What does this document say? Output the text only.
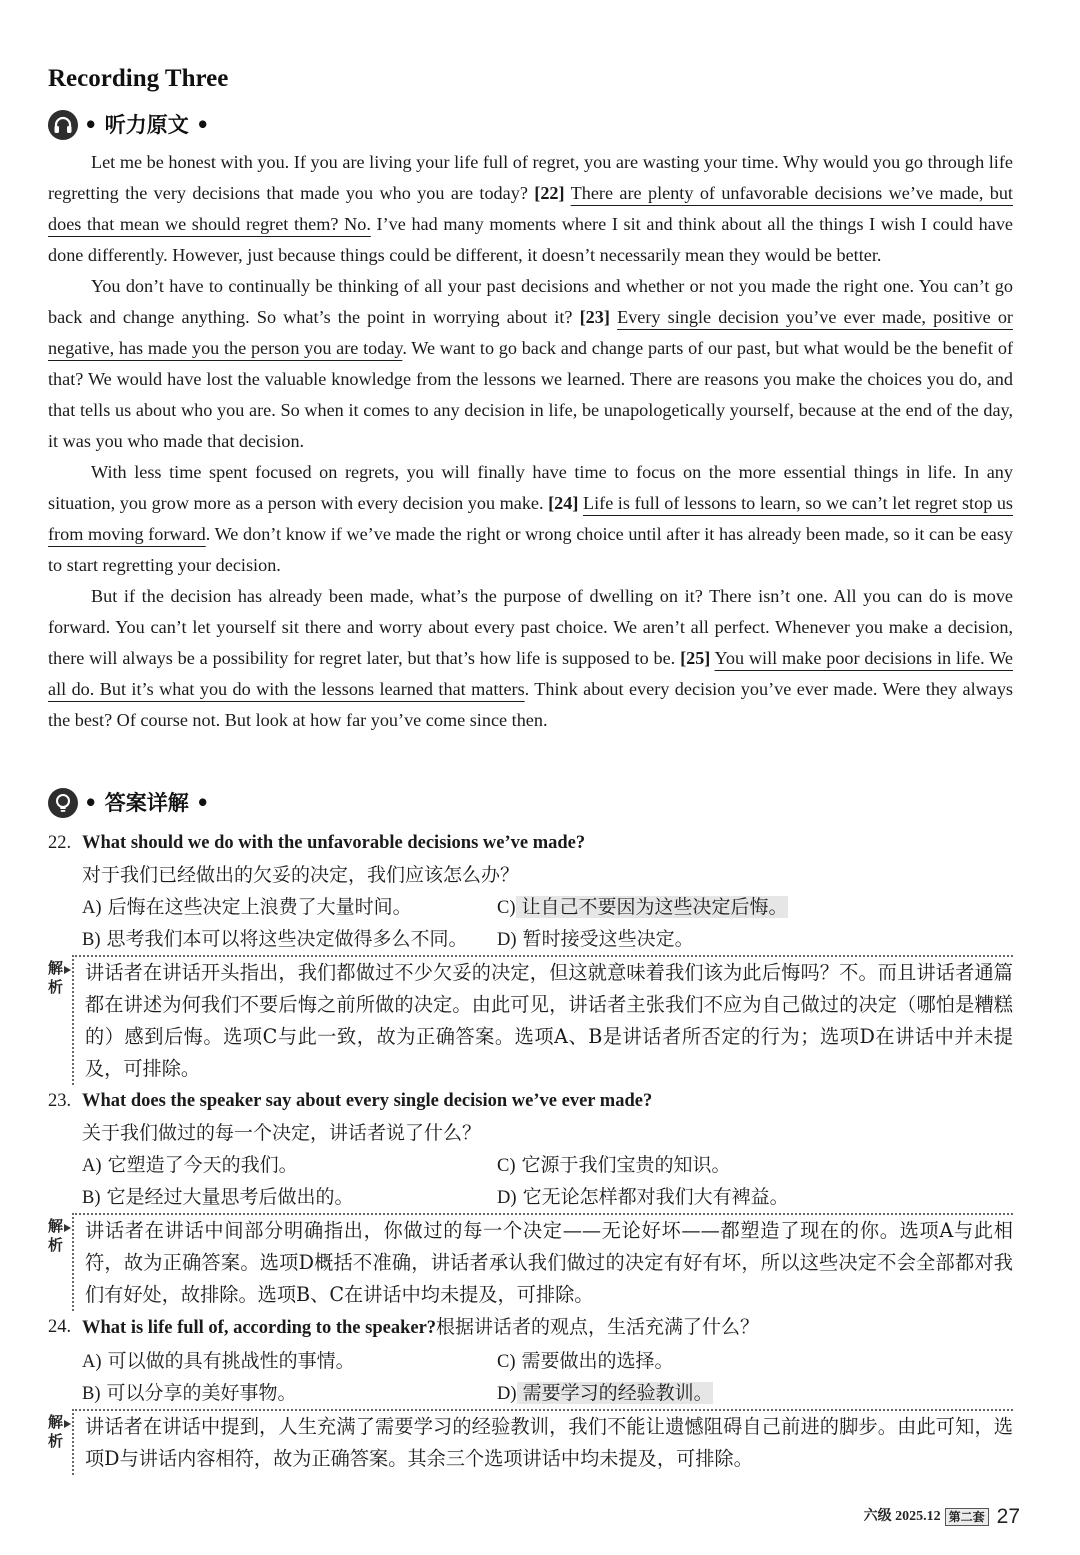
Recording Three
• 听力原文 •

Let me be honest with you. If you are living your life full of regret, you are wasting your time. Why would you go through life regretting the very decisions that made you who you are today? [22] There are plenty of unfavorable decisions we’ve made, but does that mean we should regret them? No. I’ve had many moments where I sit and think about all the things I wish I could have done differently. However, just because things could be different, it doesn’t necessarily mean they would be better.

You don’t have to continually be thinking of all your past decisions and whether or not you made the right one. You can’t go back and change anything. So what’s the point in worrying about it? [23] Every single decision you’ve ever made, positive or negative, has made you the person you are today. We want to go back and change parts of our past, but what would be the benefit of that? We would have lost the valuable knowledge from the lessons we learned. There are reasons you make the choices you do, and that tells us about who you are. So when it comes to any decision in life, be unapologetically yourself, because at the end of the day, it was you who made that decision.

With less time spent focused on regrets, you will finally have time to focus on the more essential things in life. In any situation, you grow more as a person with every decision you make. [24] Life is full of lessons to learn, so we can’t let regret stop us from moving forward. We don’t know if we’ve made the right or wrong choice until after it has already been made, so it can be easy to start regretting your decision.

But if the decision has already been made, what’s the purpose of dwelling on it? There isn’t one. All you can do is move forward. You can’t let yourself sit there and worry about every past choice. We aren’t all perfect. Whenever you make a decision, there will always be a possibility for regret later, but that’s how life is supposed to be. [25] You will make poor decisions in life. We all do. But it’s what you do with the lessons learned that matters. Think about every decision you’ve ever made. Were they always the best? Of course not. But look at how far you’ve come since then.

• 答案详解 •
22. What should we do with the unfavorable decisions we’ve made?
对于我们已经做出的欠妥的决定，我们应该怎么办？
A) 后悔在这些决定上浪费了大量时间。
B) 思考我们本可以将这些决定做得多么不同。
C) 让自己不要因为这些决定后悔。
D) 暂时接受这些决定。
解析
讲话者在讲话开头指出，我们都做过不少欠妥的决定，但这就意味着我们该为此后悔吗？不。而且讲话者通篇都在讲述为何我们不要后悔之前所做的决定。由此可见，讲话者主张我们不应为自己做过的决定（哪怕是糟糕的）感到后悔。选项C与此一致，故为正确答案。选项A、B是讲话者所否定的行为；选项D在讲话中并未提及，可排除。
23. What does the speaker say about every single decision we’ve ever made?
关于我们做过的每一个决定，讲话者说了什么？
A) 它塑造了今天的我们。
B) 它是经过大量思考后做出的。
C) 它源于我们宝贵的知识。
D) 它无论怎样都对我们大有裨益。
解析
讲话者在讲话中间部分明确指出，你做过的每一个决定——无论好坏——都塑造了现在的你。选项A与此相符，故为正确答案。选项D概括不准确，讲话者承认我们做过的决定有好有坏，所以这些决定不会全部都对我们有好处，故排除。选项B、C在讲话中均未提及，可排除。
24. What is life full of, according to the speaker?根据讲话者的观点，生活充满了什么？
A) 可以做的具有挑战性的事情。
B) 可以分享的美好事物。
C) 需要做出的选择。
D) 需要学习的经验教训。
解析
讲话者在讲话中提到，人生充满了需要学习的经验教训，我们不能让遗憾阻碍自己前进的脚步。由此可知，选项D与讲话内容相符，故为正确答案。其余三个选项讲话中均未提及，可排除。
六级 2025.12 第二套 27
